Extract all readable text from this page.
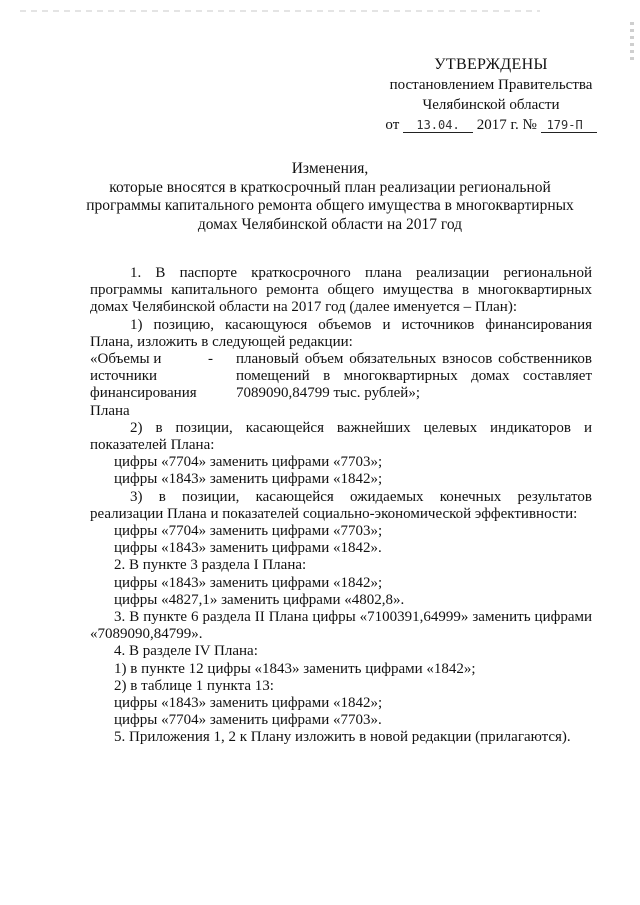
УТВЕРЖДЕНЫ
постановлением Правительства
Челябинской области
от 13.04. 2017 г. № 179-П
Изменения,
которые вносятся в краткосрочный план реализации региональной
программы капитального ремонта общего имущества в многоквартирных
домах Челябинской области на 2017 год

1. В паспорте краткосрочного плана реализации региональной программы капитального ремонта общего имущества в многоквартирных домах Челябинской области на 2017 год (далее именуется – План):

1) позицию, касающуюся объемов и источников финансирования Плана, изложить в следующей редакции:

«Объемы и источники финансирования Плана
-	плановый объем обязательных взносов собственников помещений в многоквартирных домах составляет 7089090,84799 тыс. рублей»;

2) в позиции, касающейся важнейших целевых индикаторов и показателей Плана:

цифры «7704» заменить цифрами «7703»;

цифры «1843» заменить цифрами «1842»;

3) в позиции, касающейся ожидаемых конечных результатов реализации Плана и показателей социально-экономической эффективности:

цифры «7704» заменить цифрами «7703»;

цифры «1843» заменить цифрами «1842».

2. В пункте 3 раздела I Плана:

цифры «1843» заменить цифрами «1842»;

цифры «4827,1» заменить цифрами «4802,8».

3. В пункте 6 раздела II Плана цифры «7100391,64999» заменить цифрами «7089090,84799».

4. В разделе IV Плана:

1) в пункте 12 цифры «1843» заменить цифрами «1842»;

2) в таблице 1 пункта 13:

цифры «1843» заменить цифрами «1842»;

цифры «7704» заменить цифрами «7703».

5. Приложения 1, 2 к Плану изложить в новой редакции (прилагаются).
